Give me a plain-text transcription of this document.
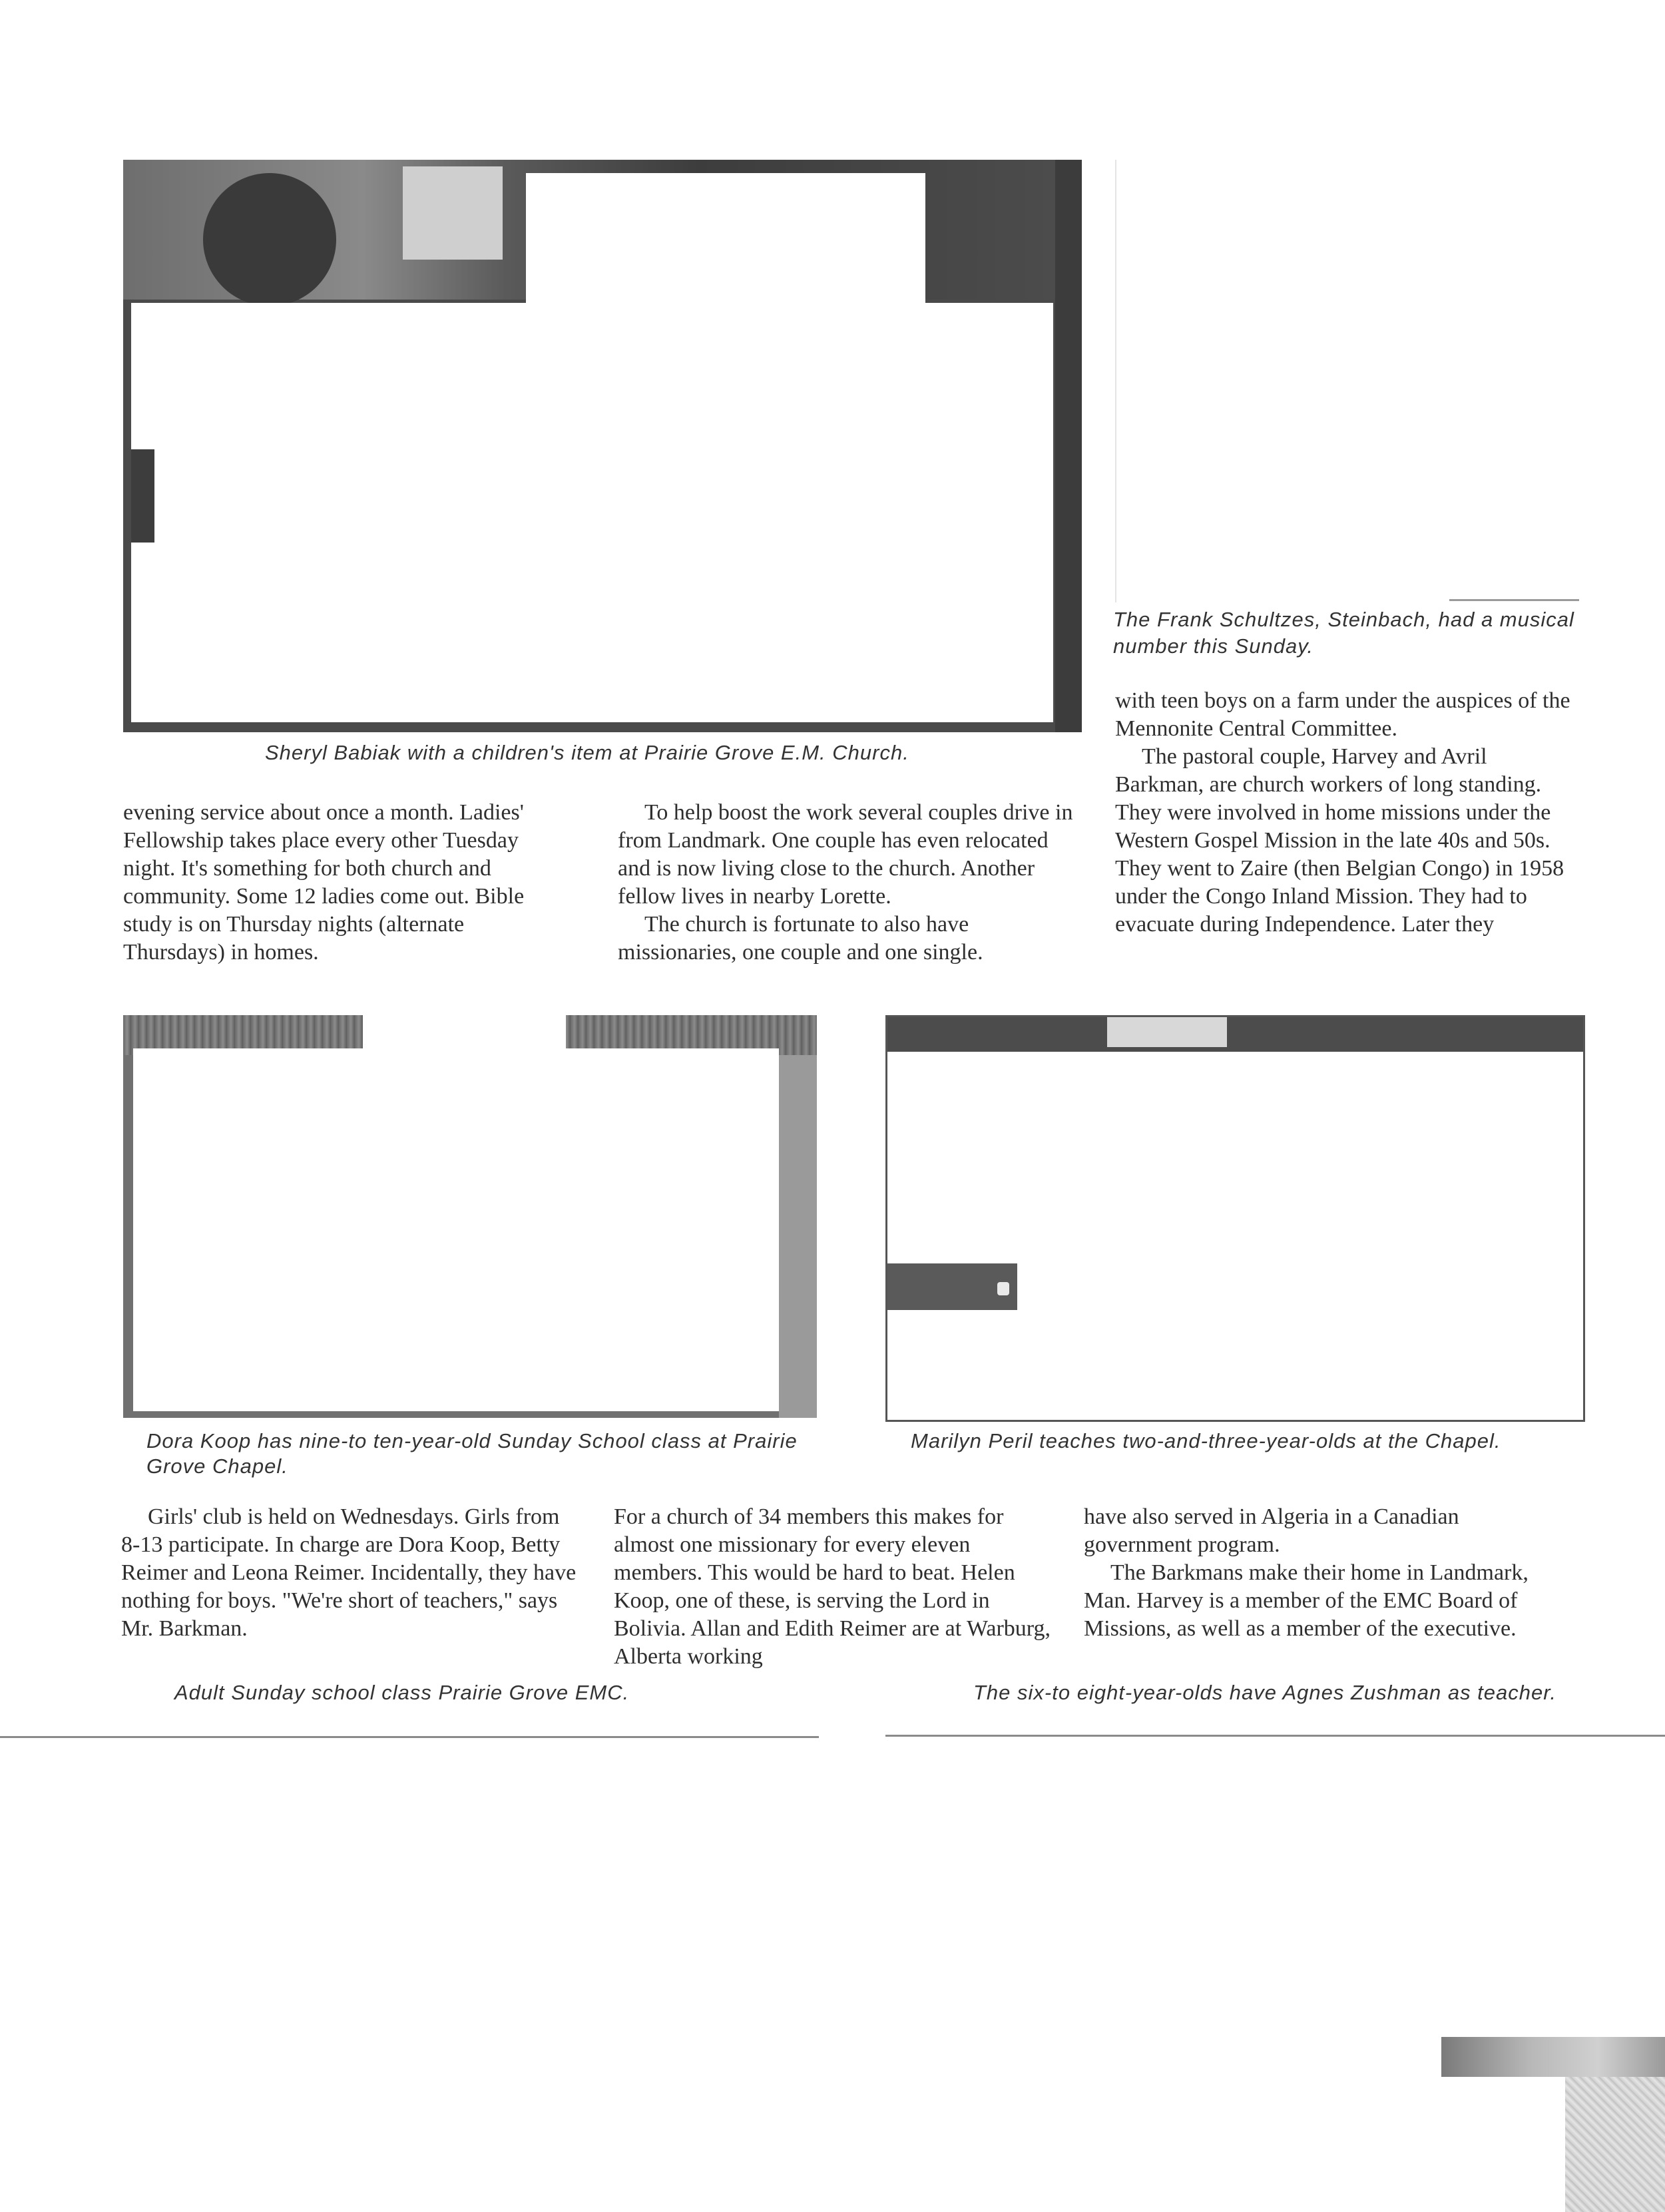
Sheryl Babiak with a children's item at Prairie Grove E.M. Church.
The Frank Schultzes, Steinbach, had a musical number this Sunday.

with teen boys on a farm under the auspices of the Mennonite Central Committee.

The pastoral couple, Harvey and Avril Barkman, are church workers of long standing. They were involved in home missions under the Western Gospel Mission in the late 40s and 50s. They went to Zaire (then Belgian Congo) in 1958 under the Congo Inland Mission. They had to evacuate during Independence. Later they

evening service about once a month. Ladies' Fellowship takes place every other Tuesday night. It's something for both church and community. Some 12 ladies come out. Bible study is on Thursday nights (alternate Thursdays) in homes.

To help boost the work several couples drive in from Landmark. One couple has even relocated and is now living close to the church. Another fellow lives in nearby Lorette.

The church is fortunate to also have missionaries, one couple and one single.

Dora Koop has nine-to ten-year-old Sunday School class at Prairie Grove Chapel.
Marilyn Peril teaches two-and-three-year-olds at the Chapel.

Girls' club is held on Wednesdays. Girls from 8-13 participate. In charge are Dora Koop, Betty Reimer and Leona Reimer. Incidentally, they have nothing for boys. "We're short of teachers," says Mr. Barkman.

For a church of 34 members this makes for almost one missionary for every eleven members. This would be hard to beat. Helen Koop, one of these, is serving the Lord in Bolivia. Allan and Edith Reimer are at Warburg, Alberta working

have also served in Algeria in a Canadian government program.

The Barkmans make their home in Landmark, Man. Harvey is a member of the EMC Board of Missions, as well as a member of the executive.

Adult Sunday school class Prairie Grove EMC.	The six-to eight-year-olds have Agnes Zushman as teacher.
